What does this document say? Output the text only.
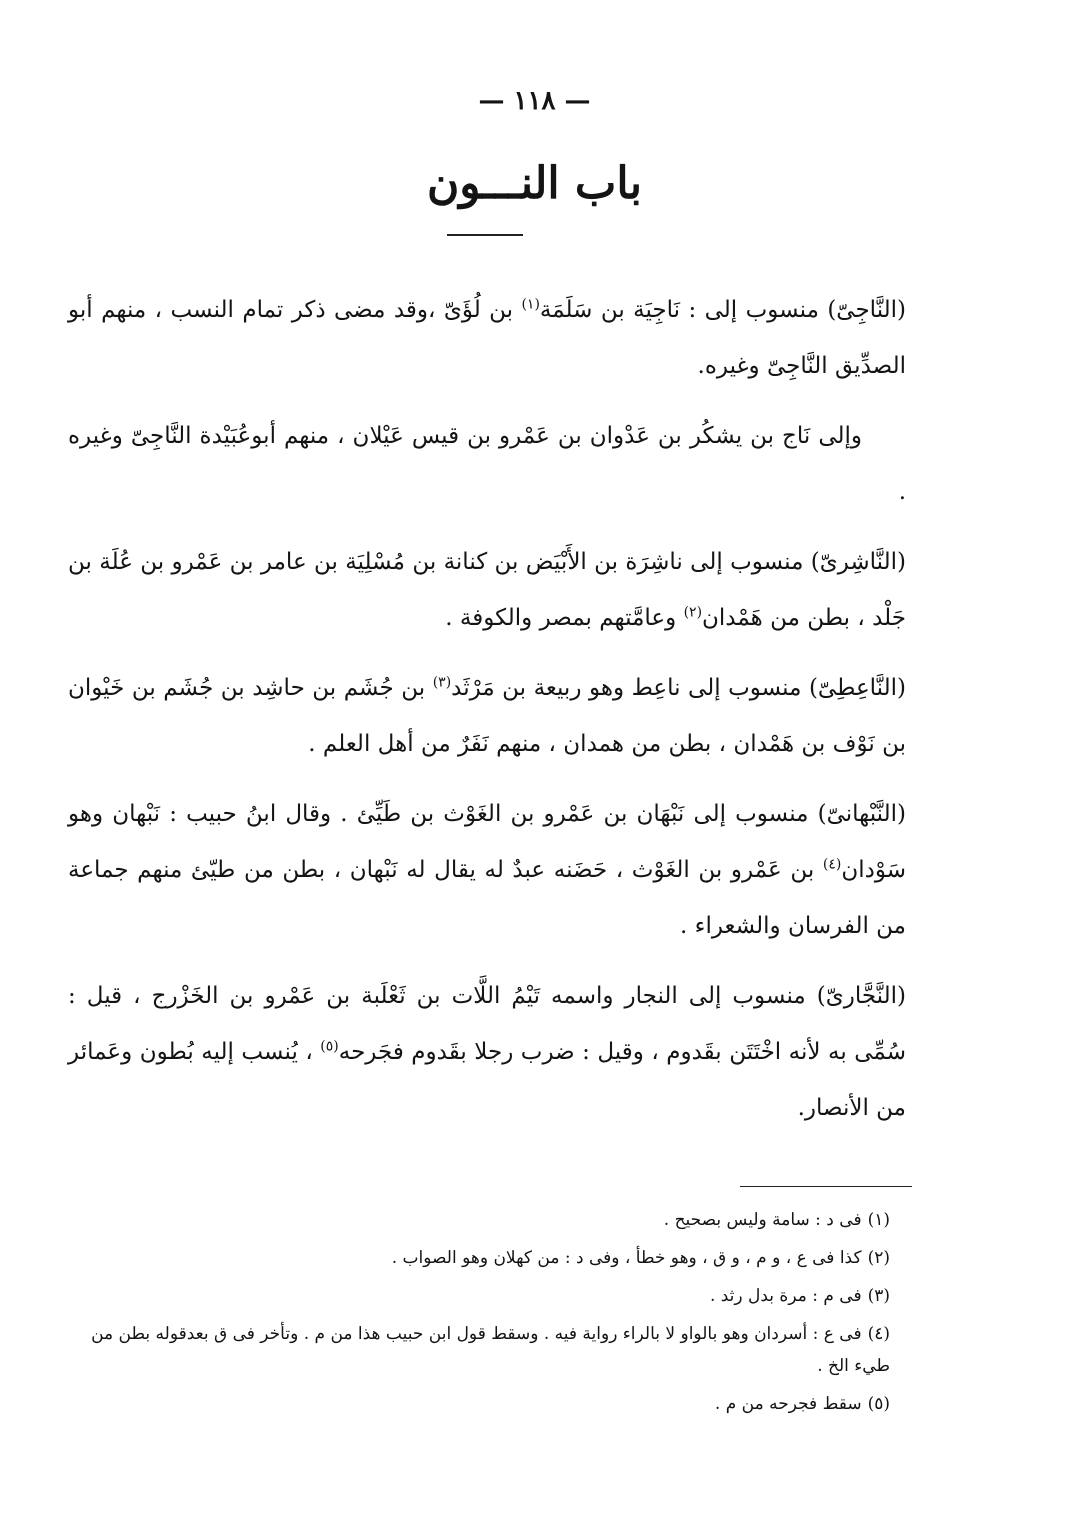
— ١١٨ —
باب النـــون

(النَّاجِىّ) منسوب إلى : نَاجِيَة بن سَلَمَة$^{(١)}$ بن لُؤَىّ ،وقد مضى ذكر تمام النسب ، منهم أبو الصدِّيق النَّاجِىّ وغيره.

وإلى نَاج بن يشكُر بن عَدْوان بن عَمْرو بن قيس عَيْلان ، منهم أبوعُبَيْدة النَّاجِىّ وغيره .

(النَّاشِرىّ) منسوب إلى ناشِرَة بن الأَبْيَض بن كنانة بن مُسْلِيَة بن عامر بن عَمْرو بن عُلَة بن جَلْد ، بطن من هَمْدان$^{(٢)}$ وعامَّتهم بمصر والكوفة .

(النَّاعِطِىّ) منسوب إلى ناعِط وهو ربيعة بن مَرْثَد$^{(٣)}$ بن جُشَم بن حاشِد بن جُشَم بن خَيْوان بن نَوْف بن هَمْدان ، بطن من همدان ، منهم نَفَرٌ من أهل العلم .

(النَّبْهانىّ) منسوب إلى نَبْهَان بن عَمْرو بن الغَوْث بن طَيِّئ . وقال ابنُ حبيب : نَبْهان وهو سَوْدان$^{(٤)}$ بن عَمْرو بن الغَوْث ، حَضَنه عبدٌ له يقال له نَبْهان ، بطن من طيّئ منهم جماعة من الفرسان والشعراء .

(النَّجَّارىّ) منسوب إلى النجار واسمه تَيْمُ اللَّات بن ثَعْلَبة بن عَمْرو بن الخَزْرج ، قيل : سُمِّى به لأنه اخْتَتَن بقَدوم ، وقيل : ضرب رجلا بقَدوم فجَرحه$^{(٥)}$ ، يُنسب إليه بُطون وعَمائر من الأنصار.

(١)فى د : سامة وليس بصحيح .

(٢)كذا فى ع ، و م ، و ق ، وهو خطأ ، وفى د : من كهلان وهو الصواب .

(٣)فى م : مرة بدل رثد .

(٤)فى ع : أسردان وهو بالواو لا بالراء رواية فيه . وسقط قول ابن حبيب هذا من م . وتأخر فى ق بعدقوله بطن من طيء الخ .

(٥)سقط فجرحه من م .
